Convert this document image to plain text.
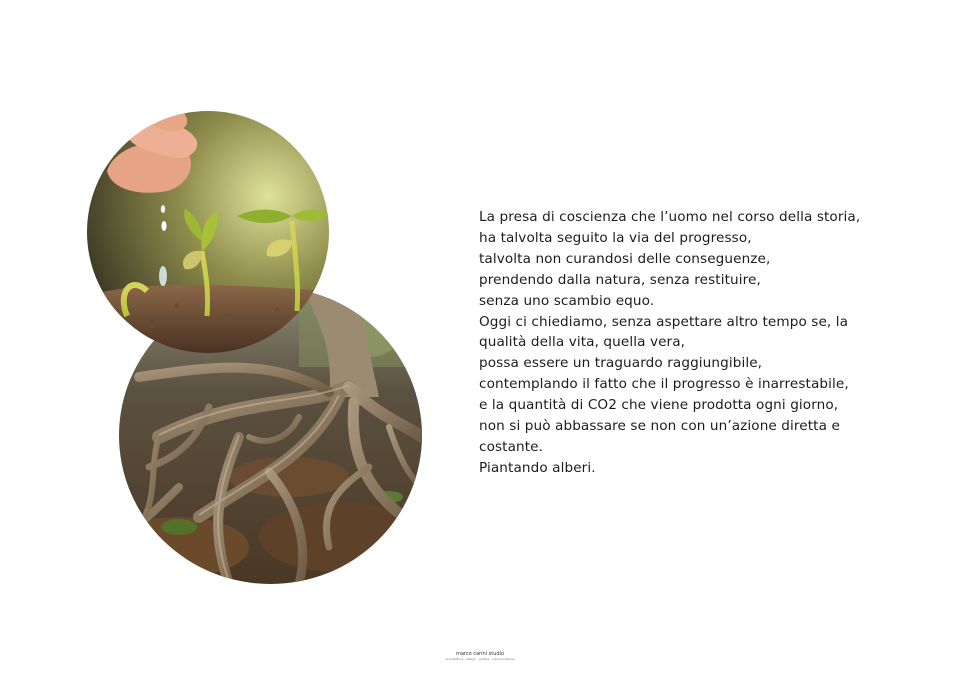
La presa di coscienza che l’uomo nel corso della storia,
ha talvolta seguito la via del progresso,
talvolta non curandosi delle conseguenze,
prendendo dalla natura, senza restituire,
senza uno scambio equo.
Oggi ci chiediamo, senza aspettare altro tempo se, la
qualità della vita, quella vera,
possa essere un traguardo raggiungibile,
contemplando il fatto che il progresso è inarrestabile,
e la quantità di CO2 che viene prodotta ogni giorno,
non si può abbassare se non con un’azione diretta e
costante.
Piantando alberi.
marco carini studio
architettura · design · grafica · comunicazione
